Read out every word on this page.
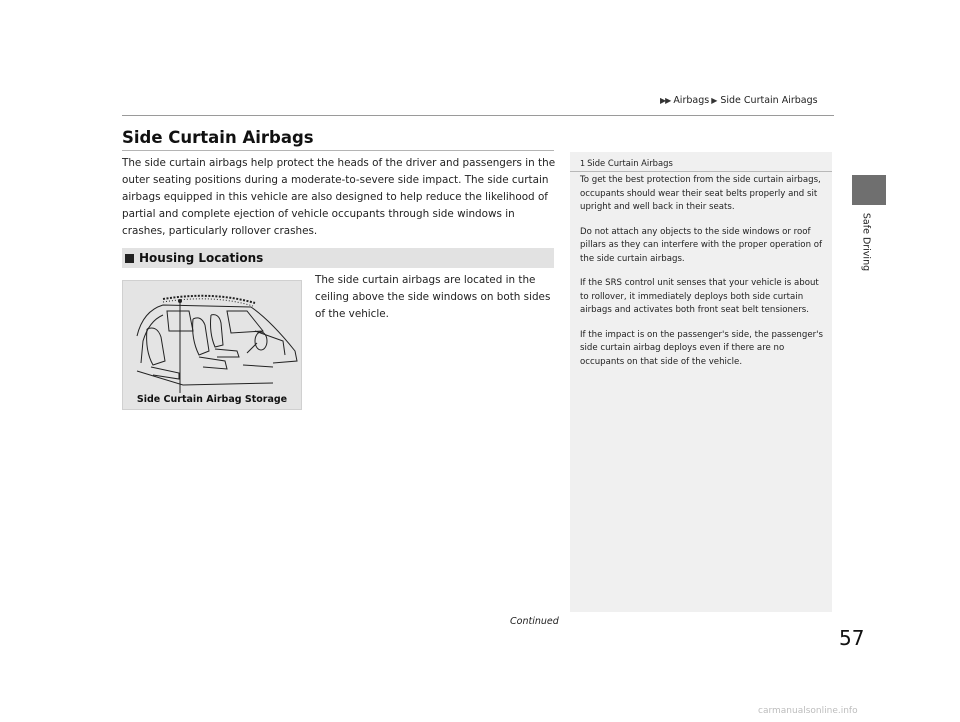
▶▶ Airbags ▶ Side Curtain Airbags
Side Curtain Airbags

The side curtain airbags help protect the heads of the driver and passengers in the outer seating positions during a moderate-to-severe side impact. The side curtain airbags equipped in this vehicle are also designed to help reduce the likelihood of partial and complete ejection of vehicle occupants through side windows in crashes, particularly rollover crashes.

Housing Locations
Side Curtain Airbag Storage

The side curtain airbags are located in the ceiling above the side windows on both sides of the vehicle.

1 Side Curtain Airbags

To get the best protection from the side curtain airbags, occupants should wear their seat belts properly and sit upright and well back in their seats.

Do not attach any objects to the side windows or roof pillars as they can interfere with the proper operation of the side curtain airbags.

If the SRS control unit senses that your vehicle is about to rollover, it immediately deploys both side curtain airbags and activates both front seat belt tensioners.

If the impact is on the passenger's side, the passenger's side curtain airbag deploys even if there are no occupants on that side of the vehicle.

Safe Driving
57
Continued
carmanualsonline.info
